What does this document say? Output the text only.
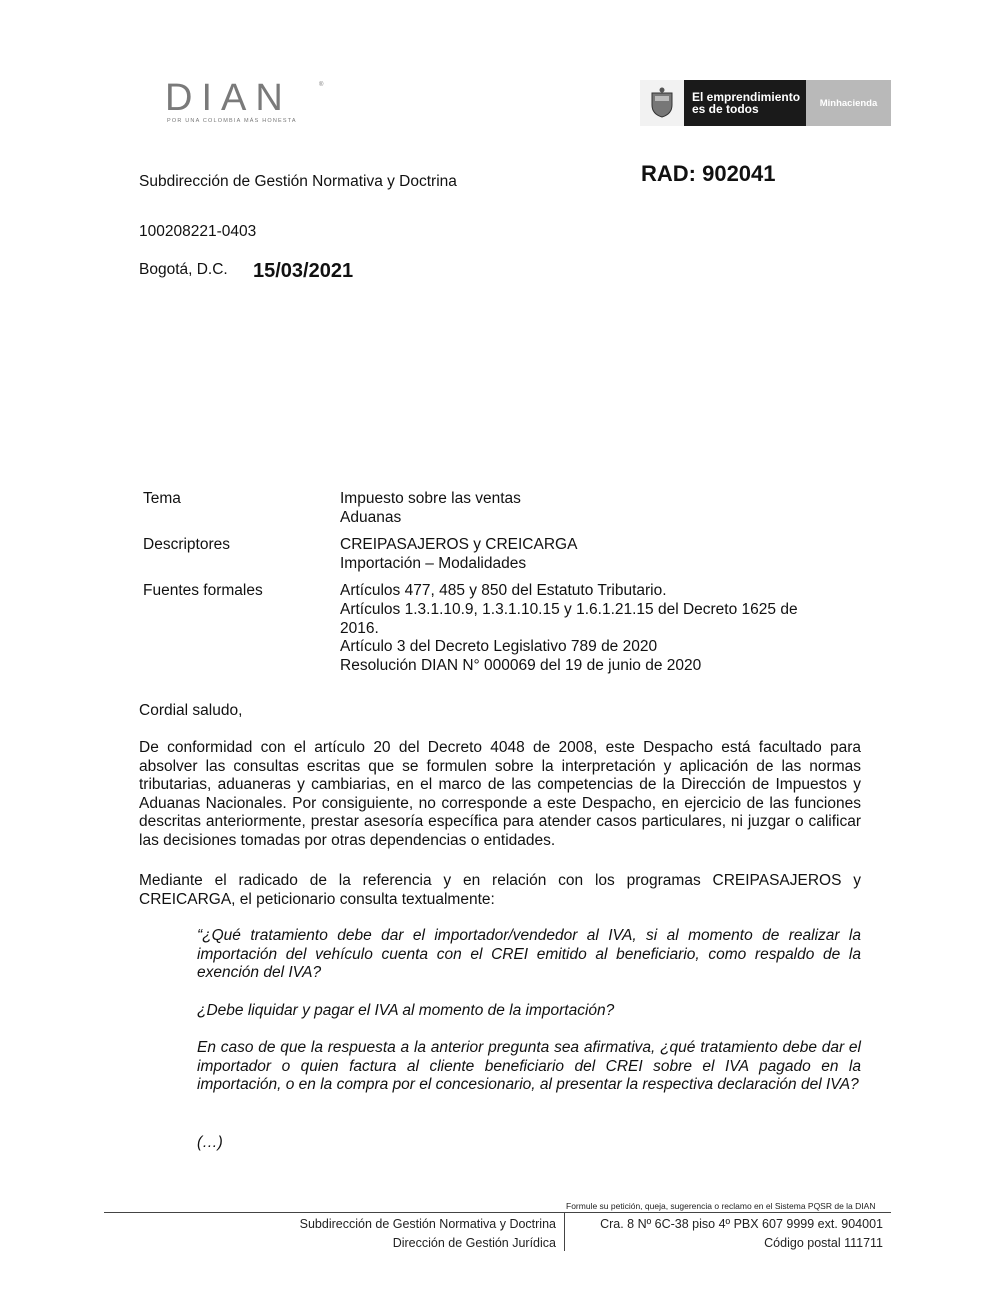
DIAN	®
POR UNA COLOMBIA MÁS HONESTA
El emprendimiento
es de todos	Minhacienda
Subdirección de Gestión Normativa y Doctrina	RAD: 902041
100208221-0403
Bogotá, D.C. 15/03/2021
Tema	Impuesto sobre las ventas
Aduanas

Descriptores	CREIPASAJEROS y CREICARGA
Importación – Modalidades

Fuentes formales	Artículos 477, 485 y 850 del Estatuto Tributario.
Artículos 1.3.1.10.9, 1.3.1.10.15 y 1.6.1.21.15 del Decreto 1625 de 2016.
Artículo 3 del Decreto Legislativo 789 de 2020
Resolución DIAN N° 000069 del 19 de junio de 2020
Cordial saludo,
De conformidad con el artículo 20 del Decreto 4048 de 2008, este Despacho está facultado para absolver las consultas escritas que se formulen sobre la interpretación y aplicación de las normas tributarias, aduaneras y cambiarias, en el marco de las competencias de la Dirección de Impuestos y Aduanas Nacionales. Por consiguiente, no corresponde a este Despacho, en ejercicio de las funciones descritas anteriormente, prestar asesoría específica para atender casos particulares, ni juzgar o calificar las decisiones tomadas por otras dependencias o entidades.
Mediante el radicado de la referencia y en relación con los programas CREIPASAJEROS y CREICARGA, el peticionario consulta textualmente:
“¿Qué tratamiento debe dar el importador/vendedor al IVA, si al momento de realizar la importación del vehículo cuenta con el CREI emitido al beneficiario, como respaldo de la exención del IVA?
¿Debe liquidar y pagar el IVA al momento de la importación?
En caso de que la respuesta a la anterior pregunta sea afirmativa, ¿qué tratamiento debe dar el importador o quien factura al cliente beneficiario del CREI sobre el IVA pagado en la importación, o en la compra por el concesionario, al presentar la respectiva declaración del IVA?
(…)
Formule su petición, queja, sugerencia o reclamo en el Sistema PQSR de la DIAN
Subdirección de Gestión Normativa y Doctrina
Dirección de Gestión Jurídica
Cra. 8 Nº 6C-38 piso 4º PBX 607 9999 ext. 904001
Código postal 111711
